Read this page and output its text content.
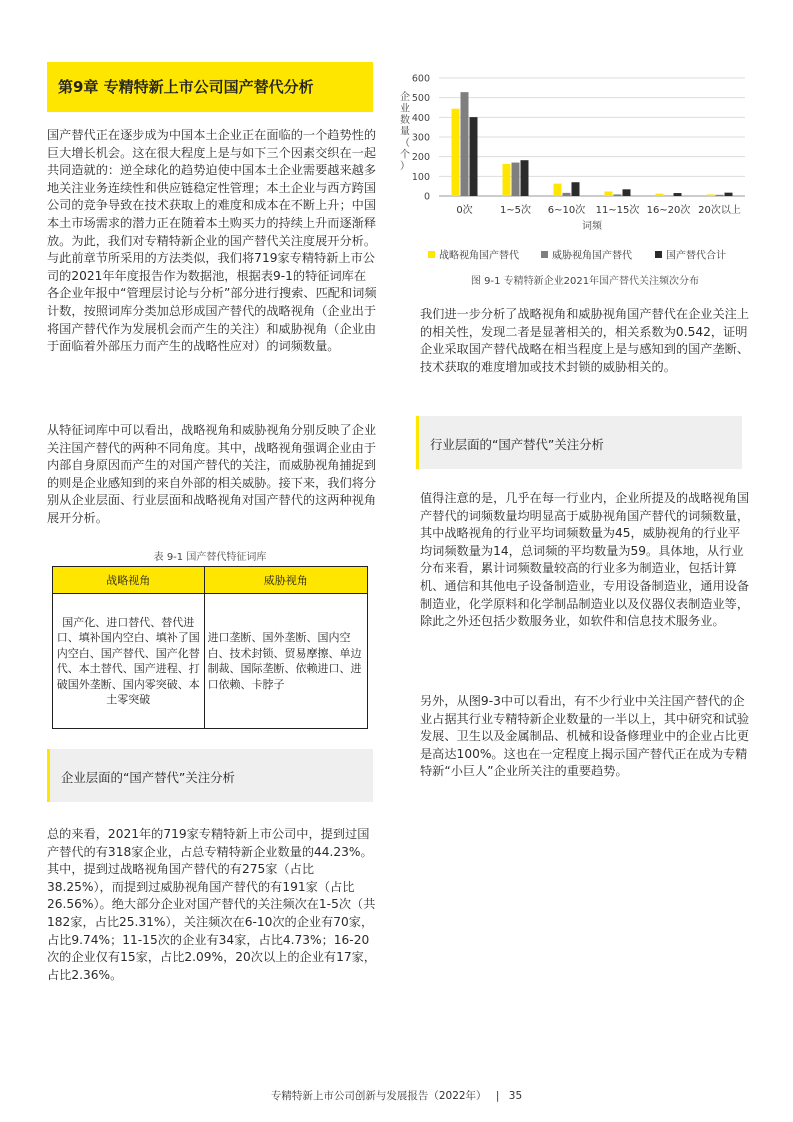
第9章 专精特新上市公司国产替代分析

国产替代正在逐步成为中国本土企业正在面临的一个趋势性的巨大增长机会。这在很大程度上是与如下三个因素交织在一起共同造就的：逆全球化的趋势迫使中国本土企业需要越来越多地关注业务连续性和供应链稳定性管理；本土企业与西方跨国公司的竞争导致在技术获取上的难度和成本在不断上升；中国本土市场需求的潜力正在随着本土购买力的持续上升而逐渐释放。为此，我们对专精特新企业的国产替代关注度展开分析。与此前章节所采用的方法类似，我们将719家专精特新上市公司的2021年年度报告作为数据池，根据表9-1的特征词库在各企业年报中“管理层讨论与分析”部分进行搜索、匹配和词频计数，按照词库分类加总形成国产替代的战略视角（企业出于将国产替代作为发展机会而产生的关注）和威胁视角（企业由于面临着外部压力而产生的战略性应对）的词频数量。

从特征词库中可以看出，战略视角和威胁视角分别反映了企业关注国产替代的两种不同角度。其中，战略视角强调企业由于内部自身原因而产生的对国产替代的关注，而威胁视角捕捉到的则是企业感知到的来自外部的相关威胁。接下来，我们将分别从企业层面、行业层面和战略视角对国产替代的这两种视角展开分析。

表 9-1 国产替代特征词库
战略视角	威胁视角
国产化、进口替代、替代进口、填补国内空白、填补了国内空白、国产替代、国产化替代、本土替代、国产进程、打破国外垄断、国内零突破、本土零突破	进口垄断、国外垄断、国内空白、技术封锁、贸易摩擦、单边制裁、国际垄断、依赖进口、进口依赖、卡脖子
企业层面的“国产替代”关注分析

总的来看，2021年的719家专精特新上市公司中，提到过国产替代的有318家企业，占总专精特新企业数量的44.23%。其中，提到过战略视角国产替代的有275家（占比38.25%），而提到过威胁视角国产替代的有191家（占比26.56%）。绝大部分企业对国产替代的关注频次在1-5次（共182家，占比25.31%），关注频次在6-10次的企业有70家，占比9.74%；11-15次的企业有34家，占比4.73%；16-20次的企业仅有15家，占比2.09%，20次以上的企业有17家，占比2.36%。

0
100
200
300
400
500
600
企
业
数
量
（
个
）
0次	1~5次 6~10次 11~15次 16~20次 20次以上
词频
战略视角国产替代	威胁视角国产替代	国产替代合计
图 9-1 专精特新企业2021年国产替代关注频次分布

我们进一步分析了战略视角和威胁视角国产替代在企业关注上的相关性，发现二者是显著相关的，相关系数为0.542，证明企业采取国产替代战略在相当程度上是与感知到的国产垄断、技术获取的难度增加或技术封锁的威胁相关的。

行业层面的“国产替代”关注分析

值得注意的是，几乎在每一行业内，企业所提及的战略视角国产替代的词频数量均明显高于威胁视角国产替代的词频数量，其中战略视角的行业平均词频数量为45，威胁视角的行业平均词频数量为14，总词频的平均数量为59。具体地，从行业分布来看，累计词频数量较高的行业多为制造业，包括计算机、通信和其他电子设备制造业，专用设备制造业，通用设备制造业，化学原料和化学制品制造业以及仪器仪表制造业等，除此之外还包括少数服务业，如软件和信息技术服务业。

另外，从图9-3中可以看出，有不少行业中关注国产替代的企业占据其行业专精特新企业数量的一半以上，其中研究和试验发展、卫生以及金属制品、机械和设备修理业中的企业占比更是高达100%。这也在一定程度上揭示国产替代正在成为专精特新“小巨人”企业所关注的重要趋势。

专精特新上市公司创新与发展报告（2022年） | 35
